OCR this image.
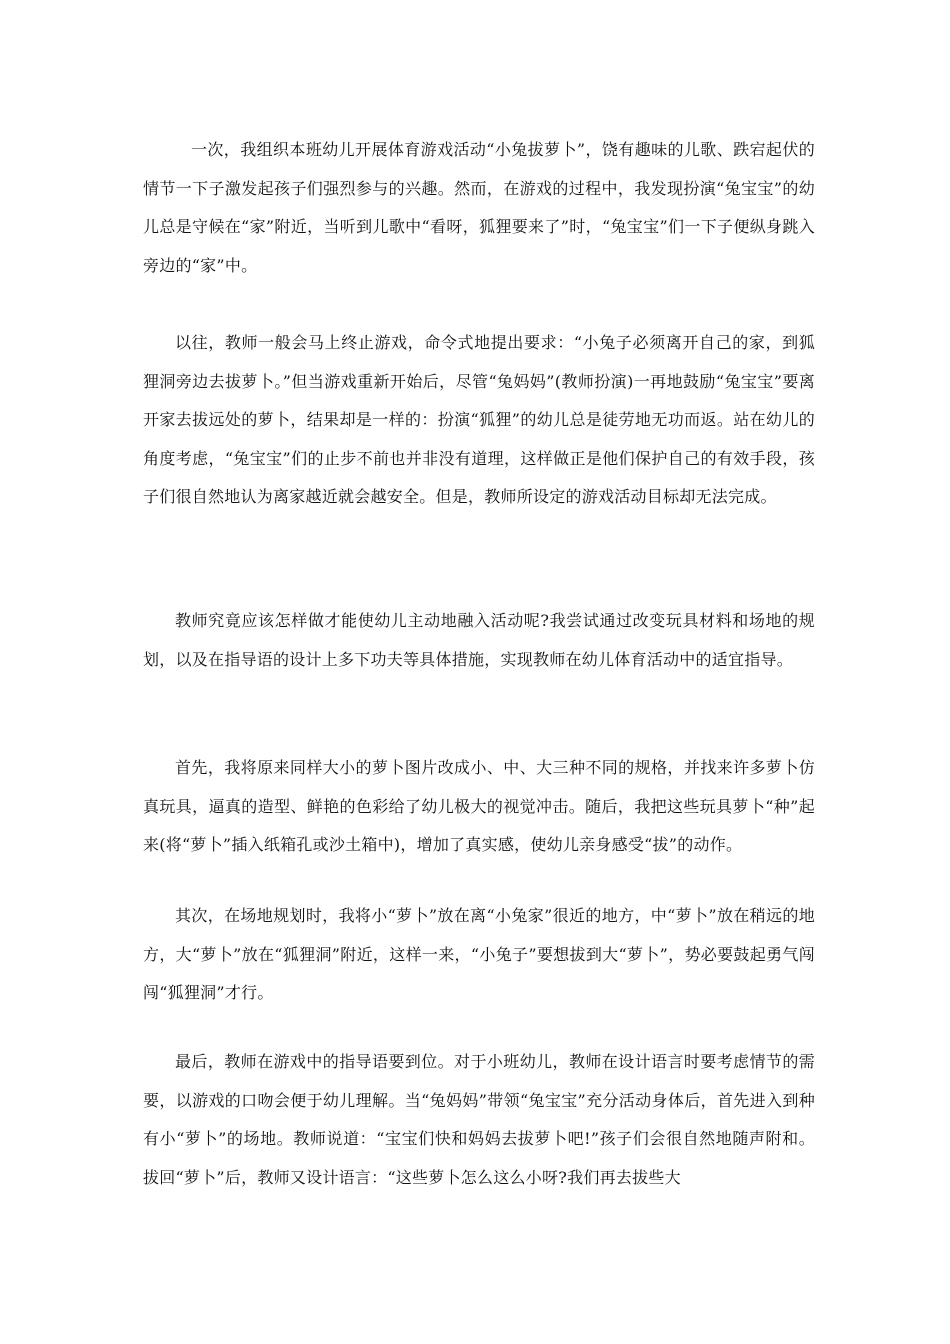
一次，我组织本班幼儿开展体育游戏活动“小兔拔萝卜”，饶有趣味的儿歌、跌宕起伏的情节一下子激发起孩子们强烈参与的兴趣。然而，在游戏的过程中，我发现扮演“兔宝宝”的幼儿总是守候在“家”附近，当听到儿歌中“看呀，狐狸要来了”时，“兔宝宝”们一下子便纵身跳入旁边的“家”中。

以往，教师一般会马上终止游戏，命令式地提出要求：“小兔子必须离开自己的家，到狐狸洞旁边去拔萝卜。”但当游戏重新开始后，尽管“兔妈妈”(教师扮演)一再地鼓励“兔宝宝”要离开家去拔远处的萝卜，结果却是一样的：扮演“狐狸”的幼儿总是徒劳地无功而返。站在幼儿的角度考虑，“兔宝宝”们的止步不前也并非没有道理，这样做正是他们保护自己的有效手段，孩子们很自然地认为离家越近就会越安全。但是，教师所设定的游戏活动目标却无法完成。

教师究竟应该怎样做才能使幼儿主动地融入活动呢?我尝试通过改变玩具材料和场地的规划，以及在指导语的设计上多下功夫等具体措施，实现教师在幼儿体育活动中的适宜指导。

首先，我将原来同样大小的萝卜图片改成小、中、大三种不同的规格，并找来许多萝卜仿真玩具，逼真的造型、鲜艳的色彩给了幼儿极大的视觉冲击。随后，我把这些玩具萝卜“种”起来(将“萝卜”插入纸箱孔或沙土箱中)，增加了真实感，使幼儿亲身感受“拔”的动作。

其次，在场地规划时，我将小“萝卜”放在离“小兔家”很近的地方，中“萝卜”放在稍远的地方，大“萝卜”放在“狐狸洞”附近，这样一来，“小兔子”要想拔到大“萝卜”，势必要鼓起勇气闯闯“狐狸洞”才行。

最后，教师在游戏中的指导语要到位。对于小班幼儿，教师在设计语言时要考虑情节的需要，以游戏的口吻会便于幼儿理解。当“兔妈妈”带领“兔宝宝”充分活动身体后，首先进入到种有小“萝卜”的场地。教师说道：“宝宝们快和妈妈去拔萝卜吧!”孩子们会很自然地随声附和。拔回“萝卜”后，教师又设计语言：“这些萝卜怎么这么小呀?我们再去拔些大
